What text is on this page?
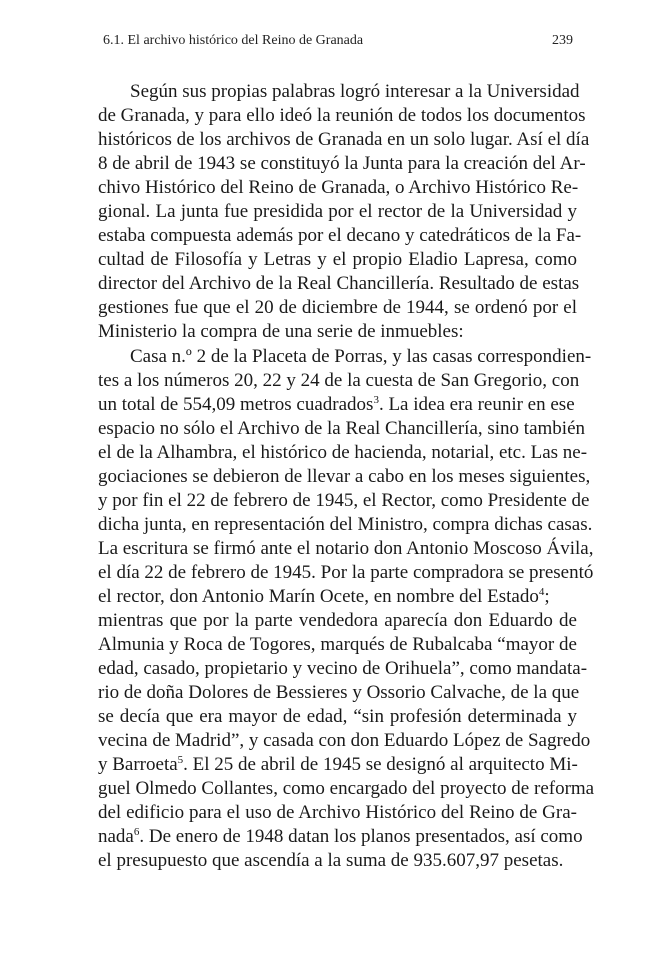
6.1. El archivo histórico del Reino de Granada	239
Según sus propias palabras logró interesar a la Universidad
de Granada, y para ello ideó la reunión de todos los documentos
históricos de los archivos de Granada en un solo lugar. Así el día
8 de abril de 1943 se constituyó la Junta para la creación del Ar-
chivo Histórico del Reino de Granada, o Archivo Histórico Re-
gional. La junta fue presidida por el rector de la Universidad y
estaba compuesta además por el decano y catedráticos de la Fa-
cultad de Filosofía y Letras y el propio Eladio Lapresa, como
director del Archivo de la Real Chancillería. Resultado de estas
gestiones fue que el 20 de diciembre de 1944, se ordenó por el
Ministerio la compra de una serie de inmuebles:
Casa n.º 2 de la Placeta de Porras, y las casas correspondien-
tes a los números 20, 22 y 24 de la cuesta de San Gregorio, con
un total de 554,09 metros cuadrados$^3$. La idea era reunir en ese
espacio no sólo el Archivo de la Real Chancillería, sino también
el de la Alhambra, el histórico de hacienda, notarial, etc. Las ne-
gociaciones se debieron de llevar a cabo en los meses siguientes,
y por fin el 22 de febrero de 1945, el Rector, como Presidente de
dicha junta, en representación del Ministro, compra dichas casas.
La escritura se firmó ante el notario don Antonio Moscoso Ávila,
el día 22 de febrero de 1945. Por la parte compradora se presentó
el rector, don Antonio Marín Ocete, en nombre del Estado$^4$;
mientras que por la parte vendedora aparecía don Eduardo de
Almunia y Roca de Togores, marqués de Rubalcaba “mayor de
edad, casado, propietario y vecino de Orihuela”, como mandata-
rio de doña Dolores de Bessieres y Ossorio Calvache, de la que
se decía que era mayor de edad, “sin profesión determinada y
vecina de Madrid”, y casada con don Eduardo López de Sagredo
y Barroeta$^5$. El 25 de abril de 1945 se designó al arquitecto Mi-
guel Olmedo Collantes, como encargado del proyecto de reforma
del edificio para el uso de Archivo Histórico del Reino de Gra-
nada$^6$. De enero de 1948 datan los planos presentados, así como
el presupuesto que ascendía a la suma de 935.607,97 pesetas.
